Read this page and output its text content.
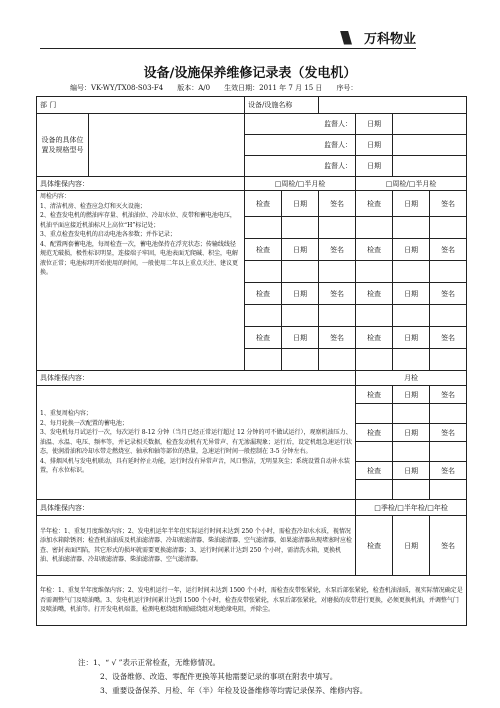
万科物业
设备/设施保养维修记录表（发电机）
编号：VK-WY/TX08-S03-F4 版本：A/0 生效日期：2011 年 7 月 15 日 序号：
部 门		设备/设施名称					
设备的具体位置及规格型号		监督人：			日期		
		监督人：			日期		
		监督人：			日期		
具体维保内容：		□周检/□半月检			□周检/□半月检		

周检内容：
1、清洁机房、检查应急灯和灭火设施；
2、检查发电机的燃油库存量、机油油位、冷却水位、皮带和蓄电池电压，机油平面应接近机油标尺上高位“H”标记处；
3、重点检查发电机的启动电池各参数；并作记录；
4、配置两套蓄电池，每周检查一次，蓄电池保持在浮充状态；传输线线径规范无破损，极性标识明显，连接端子牢固，电池表面无爬碱、积尘，电解液位正常；电池标明开始使用的时间，一般使用二年以上重点关注、建议更换。		检查	日期	签名	检查	日期	签名

		检查	日期	签名	检查	日期	签名

		检查	日期	签名	检查	日期	签名

		检查	日期	签名	检查	日期	签名

具体维保内容：					月检		

1、重复周检内容；
2、每月轮换一次配置的蓄电池；
3、发电机每月试运行一次，每次运行 8-12 分钟（当月已经正常运行超过 12 分钟的可不做试运行），观察机油压力、油温、水温、电压、频率等，并记录相关数据，检查发动机有无异常声、有无渗漏现象；运行后，设定机组急速运行状态，使润滑油和冷却水带走燃烧室、轴承和轴等部位的热量，急速运行时间一般控制在 3-5 分钟左右。
4、排烟风机与发电机联动，具有延时停止功能，运行时没有异常声音，风口整洁，无明显灰尘；系统设置自动补水装置，有水位标识。					检查	日期	签名

					检查	日期	签名

					检查	日期	签名

具体维保内容：					□季检/□半年检/□年检		
半年检：1、重复月度维保内容；2、发电机运年半年但实际运行时间未达到 250 个小时，需检查冷却水水质，视情况添加水箱除锈剂；检查机油油质及机油滤清器、冷却液滤清器、柴油滤清器、空气滤清器，如果滤清器出现堵塞时应检查、密封表面凹陷，其它形式的损坏就需要更换滤清器；3、运行时间累计达到 250 个小时，需清洗水箱，更换机油、机油滤清器、冷却液滤清器、柴油滤清器、空气滤清器。					检查	日期	签名
年检：1、重复半年度维保内容；2、发电机运行一年，运行时间未达到 1500 个小时，需检查皮带张紧轮，水泵后部张紧轮，检查机油油质，视实际情况确定是否需调整气门及喷油嘴。3、发电机运行时间累计达到 1500 个小时，检查皮带张紧轮，水泵后部张紧轮，对磨损的皮带进行更换，必须更换机油，并调整气门及喷油嘴，机油等。打开发电机端盖，检测电枢绕组和励磁绕组对地绝缘电阻，并除尘。							
注：1、“ √ ”表示正常检查，无维修情况。
2、设备维修、改造、零配件更换等其他需要记录的事项在附表中填写。
3、重要设备保养、月检、年（半）年检及设备维修等均需记录保养、维修内容。
